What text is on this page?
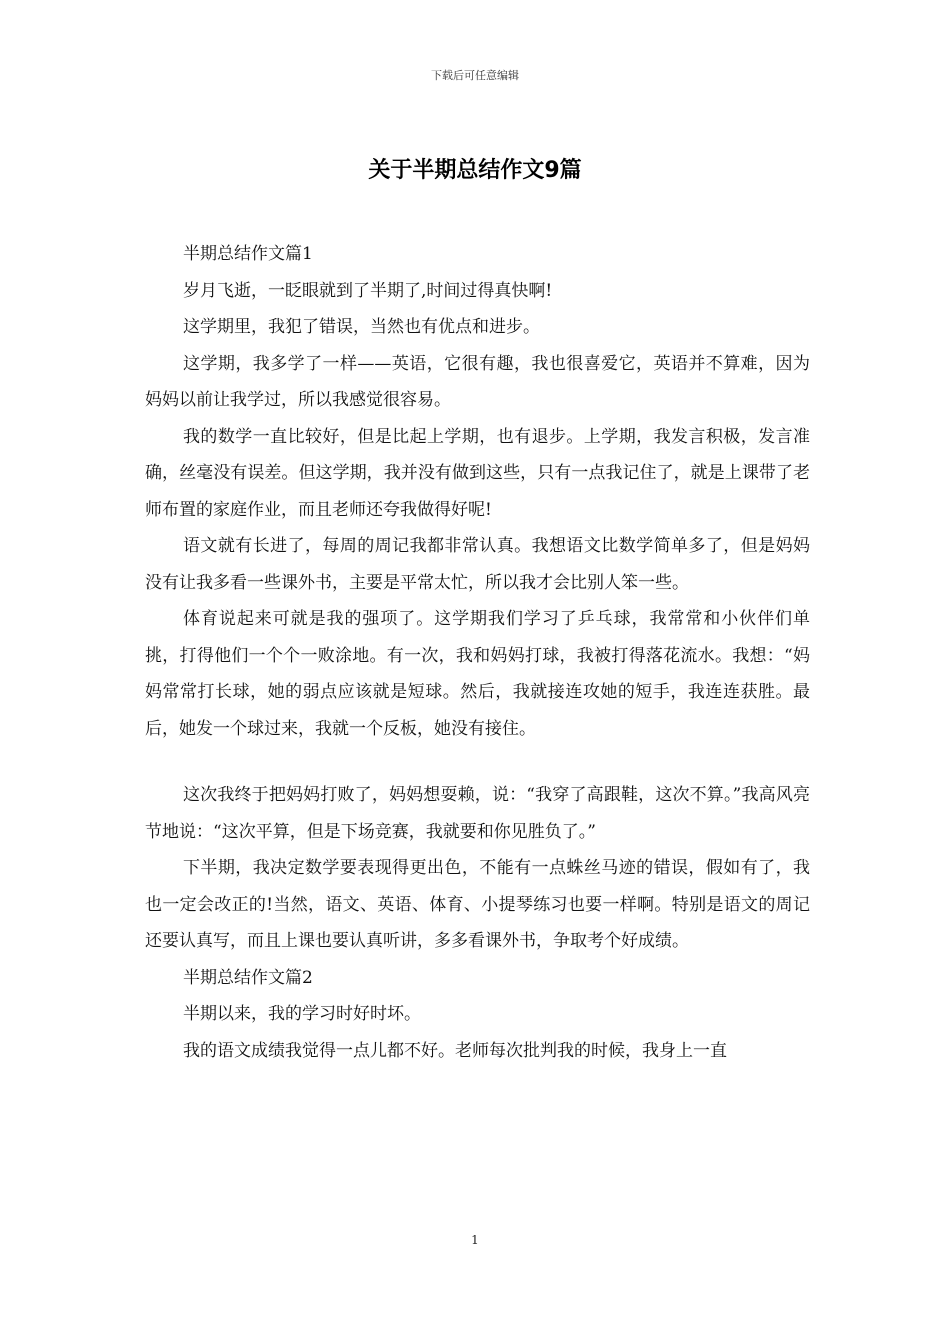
下载后可任意编辑
关于半期总结作文9篇

半期总结作文篇1

岁月飞逝，一眨眼就到了半期了,时间过得真快啊!

这学期里，我犯了错误，当然也有优点和进步。

这学期，我多学了一样——英语，它很有趣，我也很喜爱它，英语并不算难，因为妈妈以前让我学过，所以我感觉很容易。

我的数学一直比较好，但是比起上学期，也有退步。上学期，我发言积极，发言准确，丝毫没有误差。但这学期，我并没有做到这些，只有一点我记住了，就是上课带了老师布置的家庭作业，而且老师还夸我做得好呢!

语文就有长进了，每周的周记我都非常认真。我想语文比数学简单多了，但是妈妈没有让我多看一些课外书，主要是平常太忙，所以我才会比别人笨一些。

体育说起来可就是我的强项了。这学期我们学习了乒乓球，我常常和小伙伴们单挑，打得他们一个个一败涂地。有一次，我和妈妈打球，我被打得落花流水。我想：“妈妈常常打长球，她的弱点应该就是短球。然后，我就接连攻她的短手，我连连获胜。最后，她发一个球过来，我就一个反板，她没有接住。

这次我终于把妈妈打败了，妈妈想耍赖，说：“我穿了高跟鞋，这次不算。”我高风亮节地说：“这次平算，但是下场竞赛，我就要和你见胜负了。”

下半期，我决定数学要表现得更出色，不能有一点蛛丝马迹的错误，假如有了，我也一定会改正的!当然，语文、英语、体育、小提琴练习也要一样啊。特别是语文的周记还要认真写，而且上课也要认真听讲，多多看课外书，争取考个好成绩。

半期总结作文篇2

半期以来，我的学习时好时坏。

我的语文成绩我觉得一点儿都不好。老师每次批判我的时候，我身上一直

1
